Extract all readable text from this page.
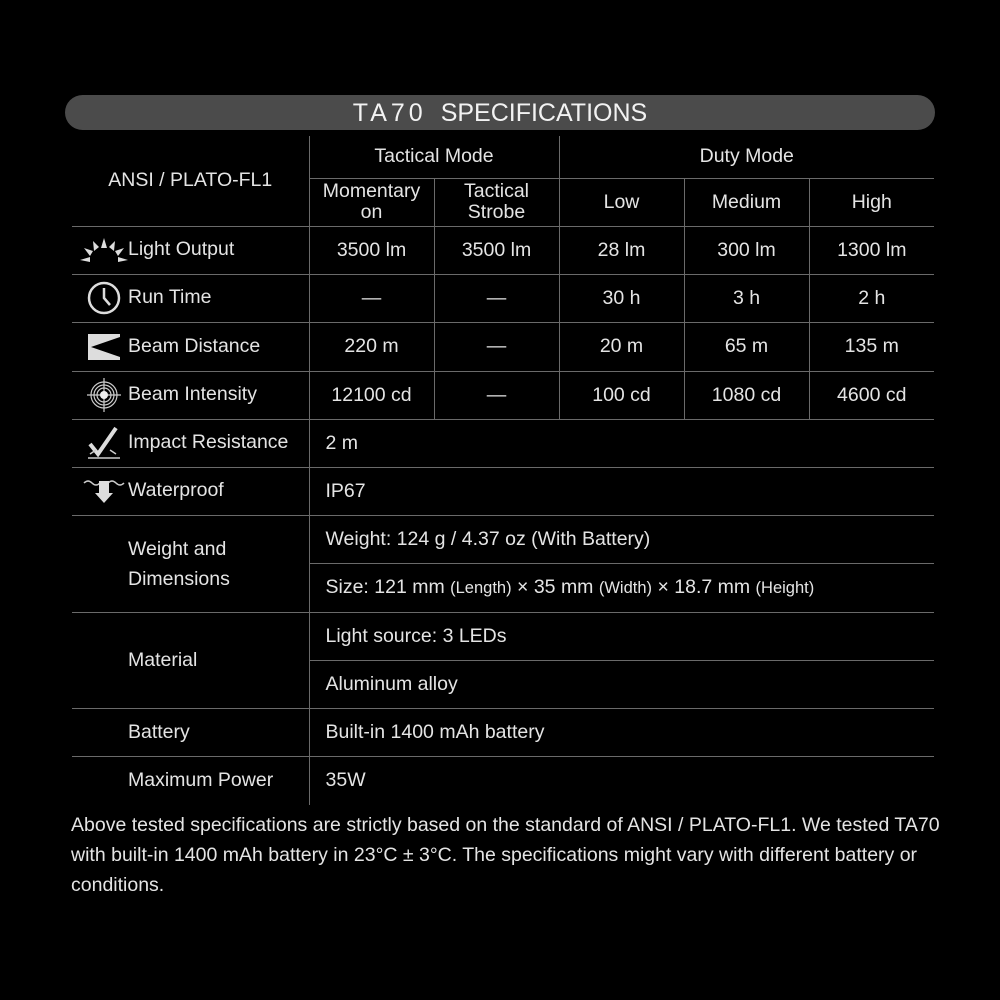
TA70 SPECIFICATIONS
ANSI / PLATO-FL1	Tactical Mode		Duty Mode		
	Momentary on	Tactical Strobe	Low	Medium	High
Light Output	3500 lm	3500 lm	28 lm	300 lm	1300 lm
Run Time	—	—	30 h	3 h	2 h
Beam Distance	220 m	—	20 m	65 m	135 m
Beam Intensity	12100 cd	—	100 cd	1080 cd	4600 cd
Impact Resistance	2 m				
Waterproof	IP67				
Weight and Dimensions	Weight: 124 g / 4.37 oz (With Battery)				
	Size: 121 mm (Length) × 35 mm (Width) × 18.7 mm (Height)				
Material	Light source: 3 LEDs				
	Aluminum alloy				
Battery	Built-in 1400 mAh battery				
Maximum Power	35W				
Above tested specifications are strictly based on the standard of ANSI / PLATO-FL1. We tested TA70 with built-in 1400 mAh battery in 23°C ± 3°C. The specifications might vary with different battery or conditions.
